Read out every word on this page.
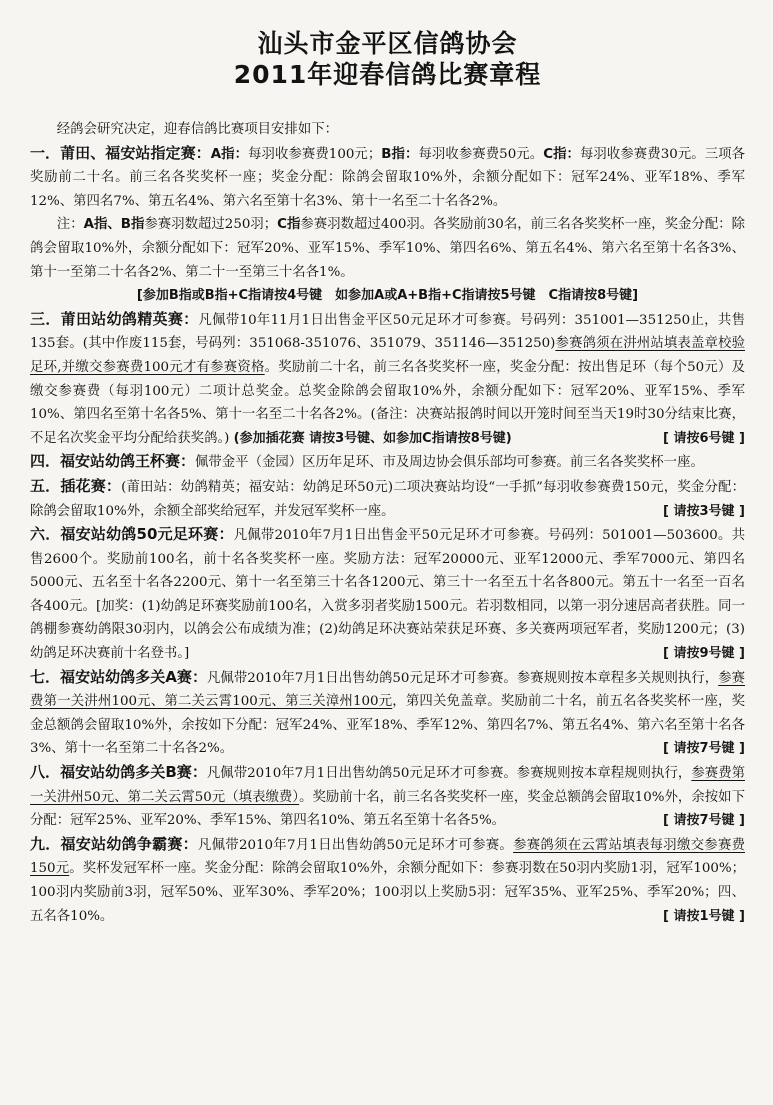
汕头市金平区信鸽协会
2011年迎春信鸽比赛章程

经鸽会研究决定，迎春信鸽比赛项目安排如下：

一．莆田、福安站指定赛：A指：每羽收参赛费100元；B指：每羽收参赛费50元。C指：每羽收参赛费30元。三项各奖励前二十名。前三名各奖奖杯一座；奖金分配：除鸽会留取10%外，余额分配如下：冠军24%、亚军18%、季军12%、第四名7%、第五名4%、第六名至第十名3%、第十一名至二十名各2%。

注：A指、B指参赛羽数超过250羽；C指参赛羽数超过400羽。各奖励前30名，前三名各奖奖杯一座，奖金分配：除鸽会留取10%外，余额分配如下：冠军20%、亚军15%、季军10%、第四名6%、第五名4%、第六名至第十名各3%、第十一至第二十名各2%、第二十一至第三十名各1%。

[参加B指或B指+C指请按4号键　如参加A或A+B指+C指请按5号键　C指请按8号键]

三．莆田站幼鸽精英赛：凡佩带10年11月1日出售金平区50元足环才可参赛。号码列：351001—351250止，共售135套。(其中作废115套，号码列：351068-351076、351079、351146—351250)参赛鸽须在汫州站填表盖章校验足环,并缴交参赛费100元才有参赛资格。奖励前二十名，前三名各奖奖杯一座，奖金分配：按出售足环（每个50元）及缴交参赛费（每羽100元）二项计总奖金。总奖金除鸽会留取10%外，余额分配如下：冠军20%、亚军15%、季军10%、第四名至第十名各5%、第十一名至二十名各2%。(备注：决赛站报鸽时间以开笼时间至当天19时30分结束比赛，不足名次奖金平均分配给获奖鸽。) (参加插花赛 请按3号键、如参加C指请按8号键)	[ 请按6号键 ]

四．福安站幼鸽王杯赛：佩带金平（金园）区历年足环、市及周边协会俱乐部均可参赛。前三名各奖奖杯一座。

五．插花赛：(莆田站：幼鸽精英；福安站：幼鸽足环50元)二项决赛站均设“一手抓”每羽收参赛费150元，奖金分配：除鸽会留取10%外，余额全部奖给冠军，并发冠军奖杯一座。	[ 请按3号键 ]

六．福安站幼鸽50元足环赛：凡佩带2010年7月1日出售金平50元足环才可参赛。号码列：501001—503600。共售2600个。奖励前100名，前十名各奖奖杯一座。奖励方法：冠军20000元、亚军12000元、季军7000元、第四名5000元、五名至十名各2200元、第十一名至第三十名各1200元、第三十一名至五十名各800元。第五十一名至一百名各400元。[加奖：(1)幼鸽足环赛奖励前100名，入赏多羽者奖励1500元。若羽数相同，以第一羽分速居高者获胜。同一鸽棚参赛幼鸽限30羽内，以鸽会公布成绩为准；(2)幼鸽足环决赛站荣获足环赛、多关赛两项冠军者，奖励1200元；(3)幼鸽足环决赛前十名登书。]	[ 请按9号键 ]

七．福安站幼鸽多关A赛：凡佩带2010年7月1日出售幼鸽50元足环才可参赛。参赛规则按本章程多关规则执行，参赛费第一关汫州100元、第二关云霄100元、第三关漳州100元，第四关免盖章。奖励前二十名，前五名各奖奖杯一座，奖金总额鸽会留取10%外，余按如下分配：冠军24%、亚军18%、季军12%、第四名7%、第五名4%、第六名至第十名各3%、第十一名至第二十名各2%。	[ 请按7号键 ]

八．福安站幼鸽多关B赛：凡佩带2010年7月1日出售幼鸽50元足环才可参赛。参赛规则按本章程规则执行，参赛费第一关汫州50元、第二关云霄50元（填表缴费）。奖励前十名，前三名各奖奖杯一座，奖金总额鸽会留取10%外，余按如下分配：冠军25%、亚军20%、季军15%、第四名10%、第五名至第十名各5%。	[ 请按7号键 ]

九．福安站幼鸽争霸赛：凡佩带2010年7月1日出售幼鸽50元足环才可参赛。参赛鸽须在云霄站填表每羽缴交参赛费150元。奖杯发冠军杯一座。奖金分配：除鸽会留取10%外，余额分配如下：参赛羽数在50羽内奖励1羽，冠军100%；100羽内奖励前3羽，冠军50%、亚军30%、季军20%；100羽以上奖励5羽：冠军35%、亚军25%、季军20%；四、五名各10%。	[ 请按1号键 ]
